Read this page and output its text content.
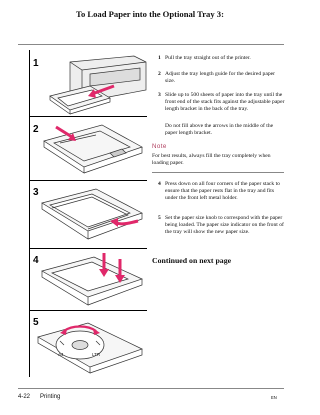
To Load Paper into the Optional Tray 3:
1
2
3
4
A4	LTR
5
1 Pull the tray straight out of the printer.
2 Adjust the tray length guide for the desired paper size.
3 Slide up to 500 sheets of paper into the tray until the front end of the stack fits against the adjustable paper length bracket in the back of the tray.
Do not fill above the arrows in the middle of the paper length bracket.
Note
For best results, always fill the tray completely when loading paper.
4 Press down on all four corners of the paper stack to ensure that the paper rests flat in the tray and fits under the front left metal holder.
5 Set the paper size knob to correspond with the paper being loaded. The paper size indicator on the front of the tray will show the new paper size.
Continued on next page
4-22 Printing	EN
